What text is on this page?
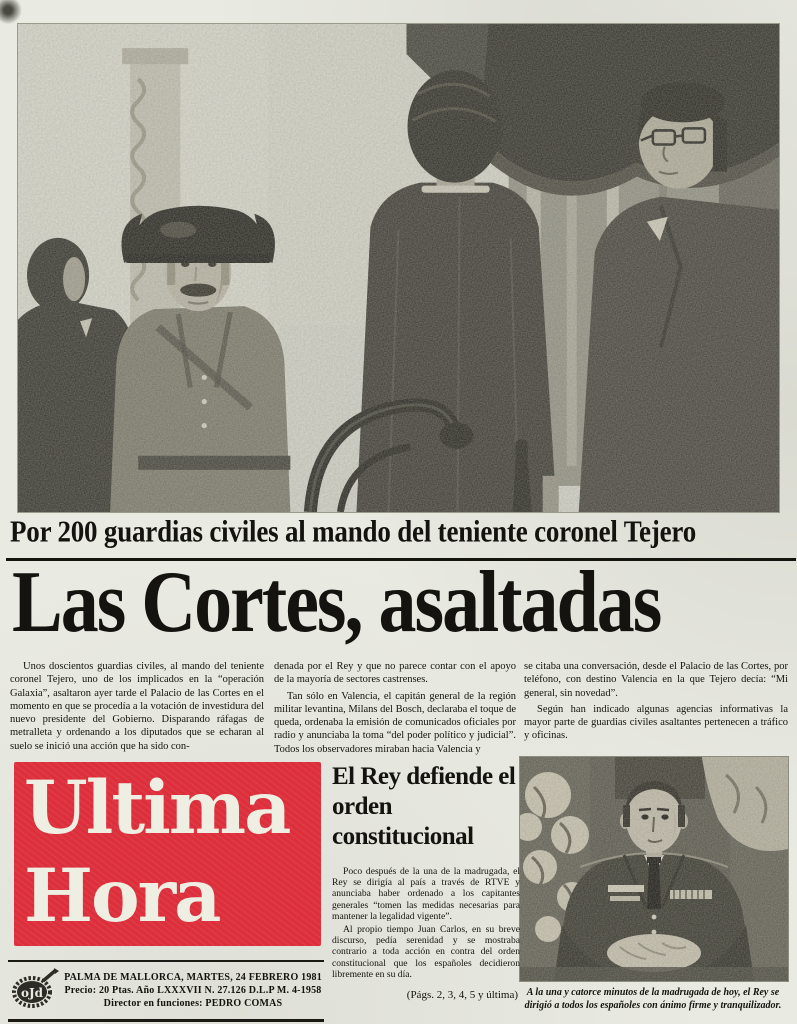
Por 200 guardias civiles al mando del teniente coronel Tejero
Las Cortes, asaltadas

Unos doscientos guardias civiles, al mando del teniente coronel Tejero, uno de los implicados en la “operación Galaxia”, asaltaron ayer tarde el Palacio de las Cortes en el momento en que se procedía a la votación de investidura del nuevo presidente del Gobierno. Disparando ráfagas de metralleta y ordenando a los diputados que se echaran al suelo se inició una acción que ha sido con-

denada por el Rey y que no parece contar con el apoyo de la mayoría de sectores castrenses.

Tan sólo en Valencia, el capitán general de la región militar levantina, Milans del Bosch, declaraba el toque de queda, ordenaba la emisión de comunicados oficiales por radio y anunciaba la toma “del poder político y judicial”. Todos los observadores miraban hacia Valencia y

se citaba una conversación, desde el Palacio de las Cortes, por teléfono, con destino Valencia en la que Tejero decía: “Mi general, sin novedad”.

Según han indicado algunas agencias informativas la mayor parte de guardias civiles asaltantes pertenecen a tráfico y oficinas.

Ultima
Hora
El Rey defiende el orden constitucional

Poco después de la una de la madrugada, el Rey se dirigía al país a través de RTVE y anunciaba haber ordenado a los capitantes generales “tomen las medidas necesarias para mantener la legalidad vigente”.

Al propio tiempo Juan Carlos, en su breve discurso, pedía serenidad y se mostraba contrario a toda acción en contra del orden constitucional que los españoles decidieron libremente en su día.

(Págs. 2, 3, 4, 5 y última) A la una y catorce minutos de la madrugada de hoy, el Rey se dirigió a todos los españoles con ánimo firme y tranquilizador.
oJd
PALMA DE MALLORCA, MARTES, 24 FEBRERO 1981
Precio: 20 Ptas. Año LXXXVII N. 27.126 D.L.P M. 4-1958
Director en funciones: PEDRO COMAS
